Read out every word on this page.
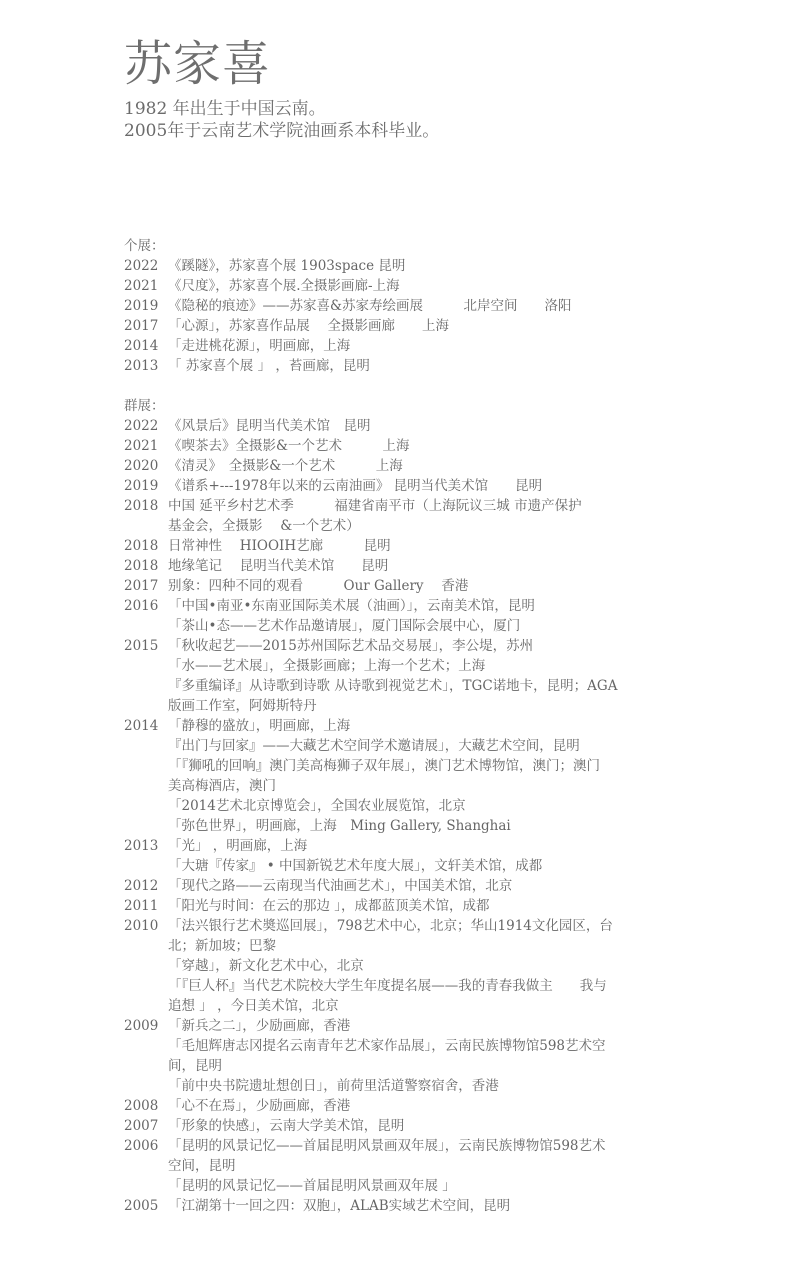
苏家喜
1982 年出生于中国云南。
2005年于云南艺术学院油画系本科毕业。
个展：
2022 《蹊隧》，苏家喜个展 1903space 昆明
2021 《尺度》，苏家喜个展.全摄影画廊-上海
2019 《隐秘的痕迹》——苏家喜&苏家寿绘画展　　　北岸空间　　洛阳
2017 「心源」，苏家喜作品展　 全摄影画廊　　上海
2014 「走进桃花源」，明画廊，上海
2013 「 苏家喜个展 」 ，苔画廊，昆明
群展：
2022 《风景后》昆明当代美术馆　昆明
2021 《喫茶去》全摄影&一个艺术　　　上海
2020 《清灵》　全摄影&一个艺术　　　上海
2019 《谱系+---1978年以来的云南油画》 昆明当代美术馆　　昆明
2018 中国 延平乡村艺术季　　　福建省南平市（上海阮议三城 市遗产保护
基金会，全摄影　 &一个艺术）
2018 日常神性　 HIOOIH艺廊　　　昆明
2018 地缘笔记　 昆明当代美术馆　　昆明
2017 别象：四种不同的观看　　　Our Gallery　 香港
2016 「中国•南亚•东南亚国际美术展（油画）」，云南美术馆，昆明
「茶山•态——艺术作品邀请展」，厦门国际会展中心，厦门
2015 「秋收起艺——2015苏州国际艺术品交易展」，李公堤，苏州
「水——艺术展」，全摄影画廊；上海一个艺术；上海
『多重编译』从诗歌到诗歌 从诗歌到视觉艺术」，TGC诺地卡，昆明；AGA
版画工作室，阿姆斯特丹
2014 「静穆的盛放」，明画廊，上海
『出门与回家』——大藏艺术空间学术邀请展」，大藏艺术空间，昆明
「『狮吼的回响』澳门美高梅狮子双年展」，澳门艺术博物馆，澳门；澳门
美高梅酒店，澳门
「2014艺术北京博览会」，全国农业展览馆，北京
「弥色世界」，明画廊，上海　Ming Gallery, Shanghai
2013 「光」 ，明画廊，上海
「大瑭『传家』 • 中国新锐艺术年度大展」，文轩美术馆，成都
2012 「现代之路——云南现当代油画艺术」，中国美术馆，北京
2011 「阳光与时间：在云的那边 」，成都蓝顶美术馆，成都
2010 「法兴银行艺术奬巡回展」，798艺术中心，北京；华山1914文化园区，台
北；新加坡；巴黎
「穿越」，新文化艺术中心，北京
「『巨人杯』当代艺术院校大学生年度提名展——我的青春我做主　　我与
追想 」 ，今日美术馆，北京
2009 「新兵之二」，少励画廊，香港
「毛旭辉唐志冈提名云南青年艺术家作品展」，云南民族博物馆598艺术空
间，昆明
「前中央书院遗址想创日」，前荷里活道警察宿舍，香港
2008 「心不在焉」，少励画廊，香港
2007 「形象的快感」，云南大学美术馆，昆明
2006 「昆明的风景记忆——首届昆明风景画双年展」，云南民族博物馆598艺术
空间，昆明
「昆明的风景记忆——首届昆明风景画双年展 」
2005 「江湖第十一回之四：双胞」，ALAB实域艺术空间，昆明
